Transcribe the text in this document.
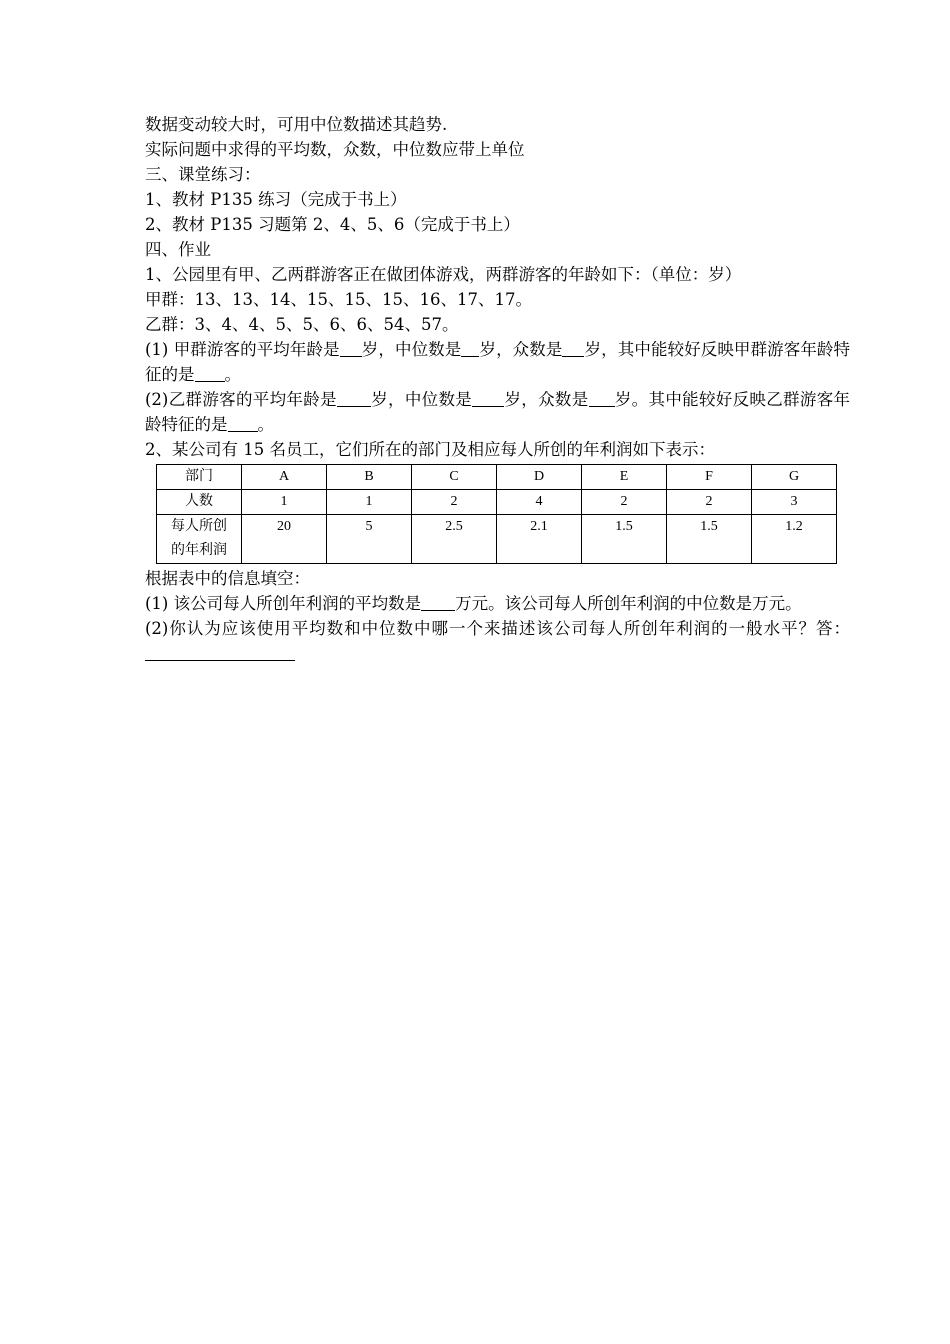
数据变动较大时，可用中位数描述其趋势.
实际问题中求得的平均数，众数，中位数应带上单位
三、课堂练习：
1、教材 P135 练习（完成于书上）
2、教材 P135 习题第 2、4、5、6（完成于书上）
四、作业
1、公园里有甲、乙两群游客正在做团体游戏，两群游客的年龄如下：（单位：岁）
甲群：13、13、14、15、15、15、16、17、17。
乙群：3、4、4、5、5、6、6、54、57。
(1) 甲群游客的平均年龄是 岁，中位数是 岁，众数是 岁，其中能较好反映甲群游客年龄特征的是 。
(2)乙群游客的平均年龄是 岁，中位数是 岁，众数是 岁。其中能较好反映乙群游客年龄特征的是 。
2、某公司有 15 名员工，它们所在的部门及相应每人所创的年利润如下表示：
部门	A	B	C	D	E	F	G
人数	1	1	2	4	2	2	3

每人所创
的年利润	20	5	2.5	2.1	1.5	1.5	1.2
根据表中的信息填空：
(1) 该公司每人所创年利润的平均数是 万元。该公司每人所创年利润的中位数是万元。
(2)你认为应该使用平均数和中位数中哪一个来描述该公司每人所创年利润的一般水平？答：
